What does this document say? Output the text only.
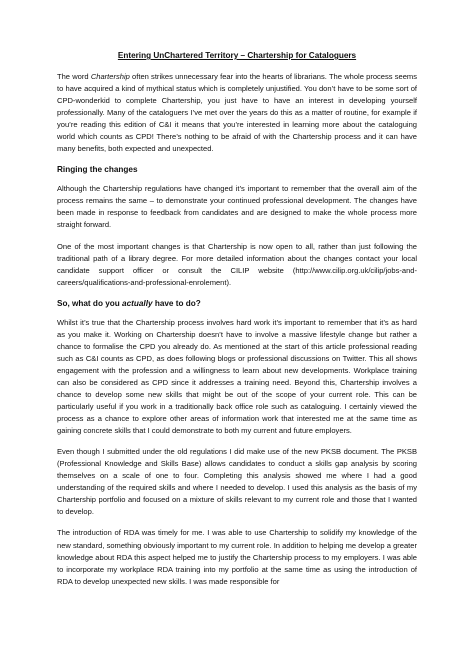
Entering UnChartered Territory – Chartership for Cataloguers

The word Chartership often strikes unnecessary fear into the hearts of librarians. The whole process seems to have acquired a kind of mythical status which is completely unjustified. You don’t have to be some sort of CPD-wonderkid to complete Chartership, you just have to have an interest in developing yourself professionally. Many of the cataloguers I’ve met over the years do this as a matter of routine, for example if you’re reading this edition of C&I it means that you’re interested in learning more about the cataloguing world which counts as CPD! There’s nothing to be afraid of with the Chartership process and it can have many benefits, both expected and unexpected.

Ringing the changes

Although the Chartership regulations have changed it’s important to remember that the overall aim of the process remains the same – to demonstrate your continued professional development. The changes have been made in response to feedback from candidates and are designed to make the whole process more straight forward.

One of the most important changes is that Chartership is now open to all, rather than just following the traditional path of a library degree. For more detailed information about the changes contact your local candidate support officer or consult the CILIP website (http://www.cilip.org.uk/cilip/jobs-and-careers/qualifications-and-professional-enrolement).

So, what do you actually have to do?

Whilst it’s true that the Chartership process involves hard work it’s important to remember that it’s as hard as you make it. Working on Chartership doesn’t have to involve a massive lifestyle change but rather a chance to formalise the CPD you already do. As mentioned at the start of this article professional reading such as C&I counts as CPD, as does following blogs or professional discussions on Twitter. This all shows engagement with the profession and a willingness to learn about new developments. Workplace training can also be considered as CPD since it addresses a training need. Beyond this, Chartership involves a chance to develop some new skills that might be out of the scope of your current role. This can be particularly useful if you work in a traditionally back office role such as cataloguing. I certainly viewed the process as a chance to explore other areas of information work that interested me at the same time as gaining concrete skills that I could demonstrate to both my current and future employers.

Even though I submitted under the old regulations I did make use of the new PKSB document. The PKSB (Professional Knowledge and Skills Base) allows candidates to conduct a skills gap analysis by scoring themselves on a scale of one to four. Completing this analysis showed me where I had a good understanding of the required skills and where I needed to develop. I used this analysis as the basis of my Chartership portfolio and focused on a mixture of skills relevant to my current role and those that I wanted to develop.

The introduction of RDA was timely for me. I was able to use Chartership to solidify my knowledge of the new standard, something obviously important to my current role. In addition to helping me develop a greater knowledge about RDA this aspect helped me to justify the Chartership process to my employers. I was able to incorporate my workplace RDA training into my portfolio at the same time as using the introduction of RDA to develop unexpected new skills. I was made responsible for
